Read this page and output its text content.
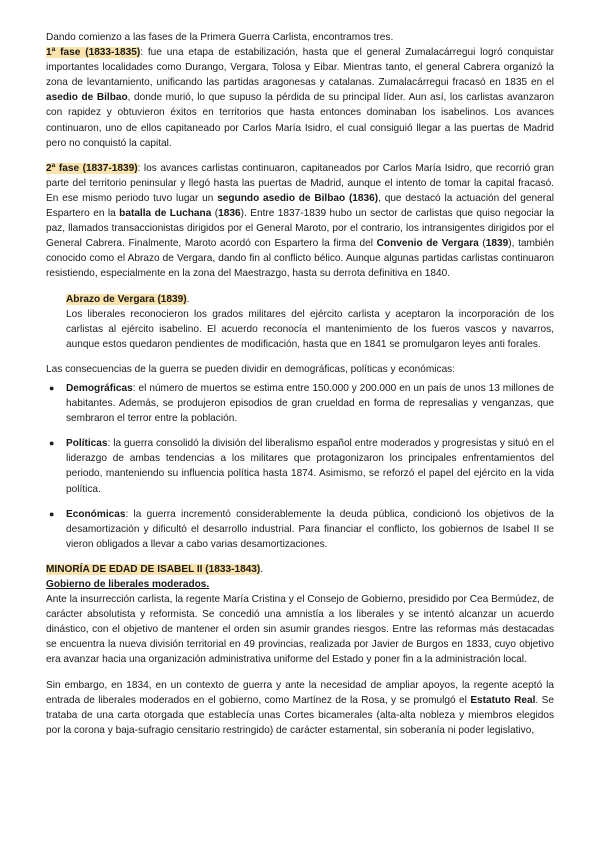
Dando comienzo a las fases de la Primera Guerra Carlista, encontramos tres.

1ª fase (1833-1835): fue una etapa de estabilización, hasta que el general Zumalacárregui logró conquistar importantes localidades como Durango, Vergara, Tolosa y Eibar. Mientras tanto, el general Cabrera organizó la zona de levantamiento, unificando las partidas aragonesas y catalanas. Zumalacárregui fracasó en 1835 en el asedio de Bilbao, donde murió, lo que supuso la pérdida de su principal líder. Aun así, los carlistas avanzaron con rapidez y obtuvieron éxitos en territorios que hasta entonces dominaban los isabelinos. Los avances continuaron, uno de ellos capitaneado por Carlos María Isidro, el cual consiguió llegar a las puertas de Madrid pero no conquistó la capital.

2ª fase (1837-1839): los avances carlistas continuaron, capitaneados por Carlos María Isidro, que recorrió gran parte del territorio peninsular y llegó hasta las puertas de Madrid, aunque el intento de tomar la capital fracasó. En ese mismo periodo tuvo lugar un segundo asedio de Bilbao (1836), que destacó la actuación del general Espartero en la batalla de Luchana (1836). Entre 1837-1839 hubo un sector de carlistas que quiso negociar la paz, llamados transaccionistas dirigidos por el General Maroto, por el contrario, los intransigentes dirigidos por el General Cabrera. Finalmente, Maroto acordó con Espartero la firma del Convenio de Vergara (1839), también conocido como el Abrazo de Vergara, dando fin al conflicto bélico. Aunque algunas partidas carlistas continuaron resistiendo, especialmente en la zona del Maestrazgo, hasta su derrota definitiva en 1840.

Abrazo de Vergara (1839).

Los liberales reconocieron los grados militares del ejército carlista y aceptaron la incorporación de los carlistas al ejército isabelino. El acuerdo reconocía el mantenimiento de los fueros vascos y navarros, aunque estos quedaron pendientes de modificación, hasta que en 1841 se promulgaron leyes anti forales.

Las consecuencias de la guerra se pueden dividir en demográficas, políticas y económicas:

● Demográficas: el número de muertos se estima entre 150.000 y 200.000 en un país de unos 13 millones de habitantes. Además, se produjeron episodios de gran crueldad en forma de represalias y venganzas, que sembraron el terror entre la población.
● Políticas: la guerra consolidó la división del liberalismo español entre moderados y progresistas y situó en el liderazgo de ambas tendencias a los militares que protagonizaron los principales enfrentamientos del periodo, manteniendo su influencia política hasta 1874. Asimismo, se reforzó el papel del ejército en la vida política.
● Económicas: la guerra incrementó considerablemente la deuda pública, condicionó los objetivos de la desamortización y dificultó el desarrollo industrial. Para financiar el conflicto, los gobiernos de Isabel II se vieron obligados a llevar a cabo varias desamortizaciones.

MINORÍA DE EDAD DE ISABEL II (1833-1843).

Gobierno de liberales moderados.

Ante la insurrección carlista, la regente María Cristina y el Consejo de Gobierno, presidido por Cea Bermúdez, de carácter absolutista y reformista. Se concedió una amnistía a los liberales y se intentó alcanzar un acuerdo dinástico, con el objetivo de mantener el orden sin asumir grandes riesgos. Entre las reformas más destacadas se encuentra la nueva división territorial en 49 provincias, realizada por Javier de Burgos en 1833, cuyo objetivo era avanzar hacia una organización administrativa uniforme del Estado y poner fin a la administración local.

Sin embargo, en 1834, en un contexto de guerra y ante la necesidad de ampliar apoyos, la regente aceptó la entrada de liberales moderados en el gobierno, como Martínez de la Rosa, y se promulgó el Estatuto Real. Se trataba de una carta otorgada que establecía unas Cortes bicamerales (alta-alta nobleza y miembros elegidos por la corona y baja-sufragio censitario restringido) de carácter estamental, sin soberanía ni poder legislativo,
